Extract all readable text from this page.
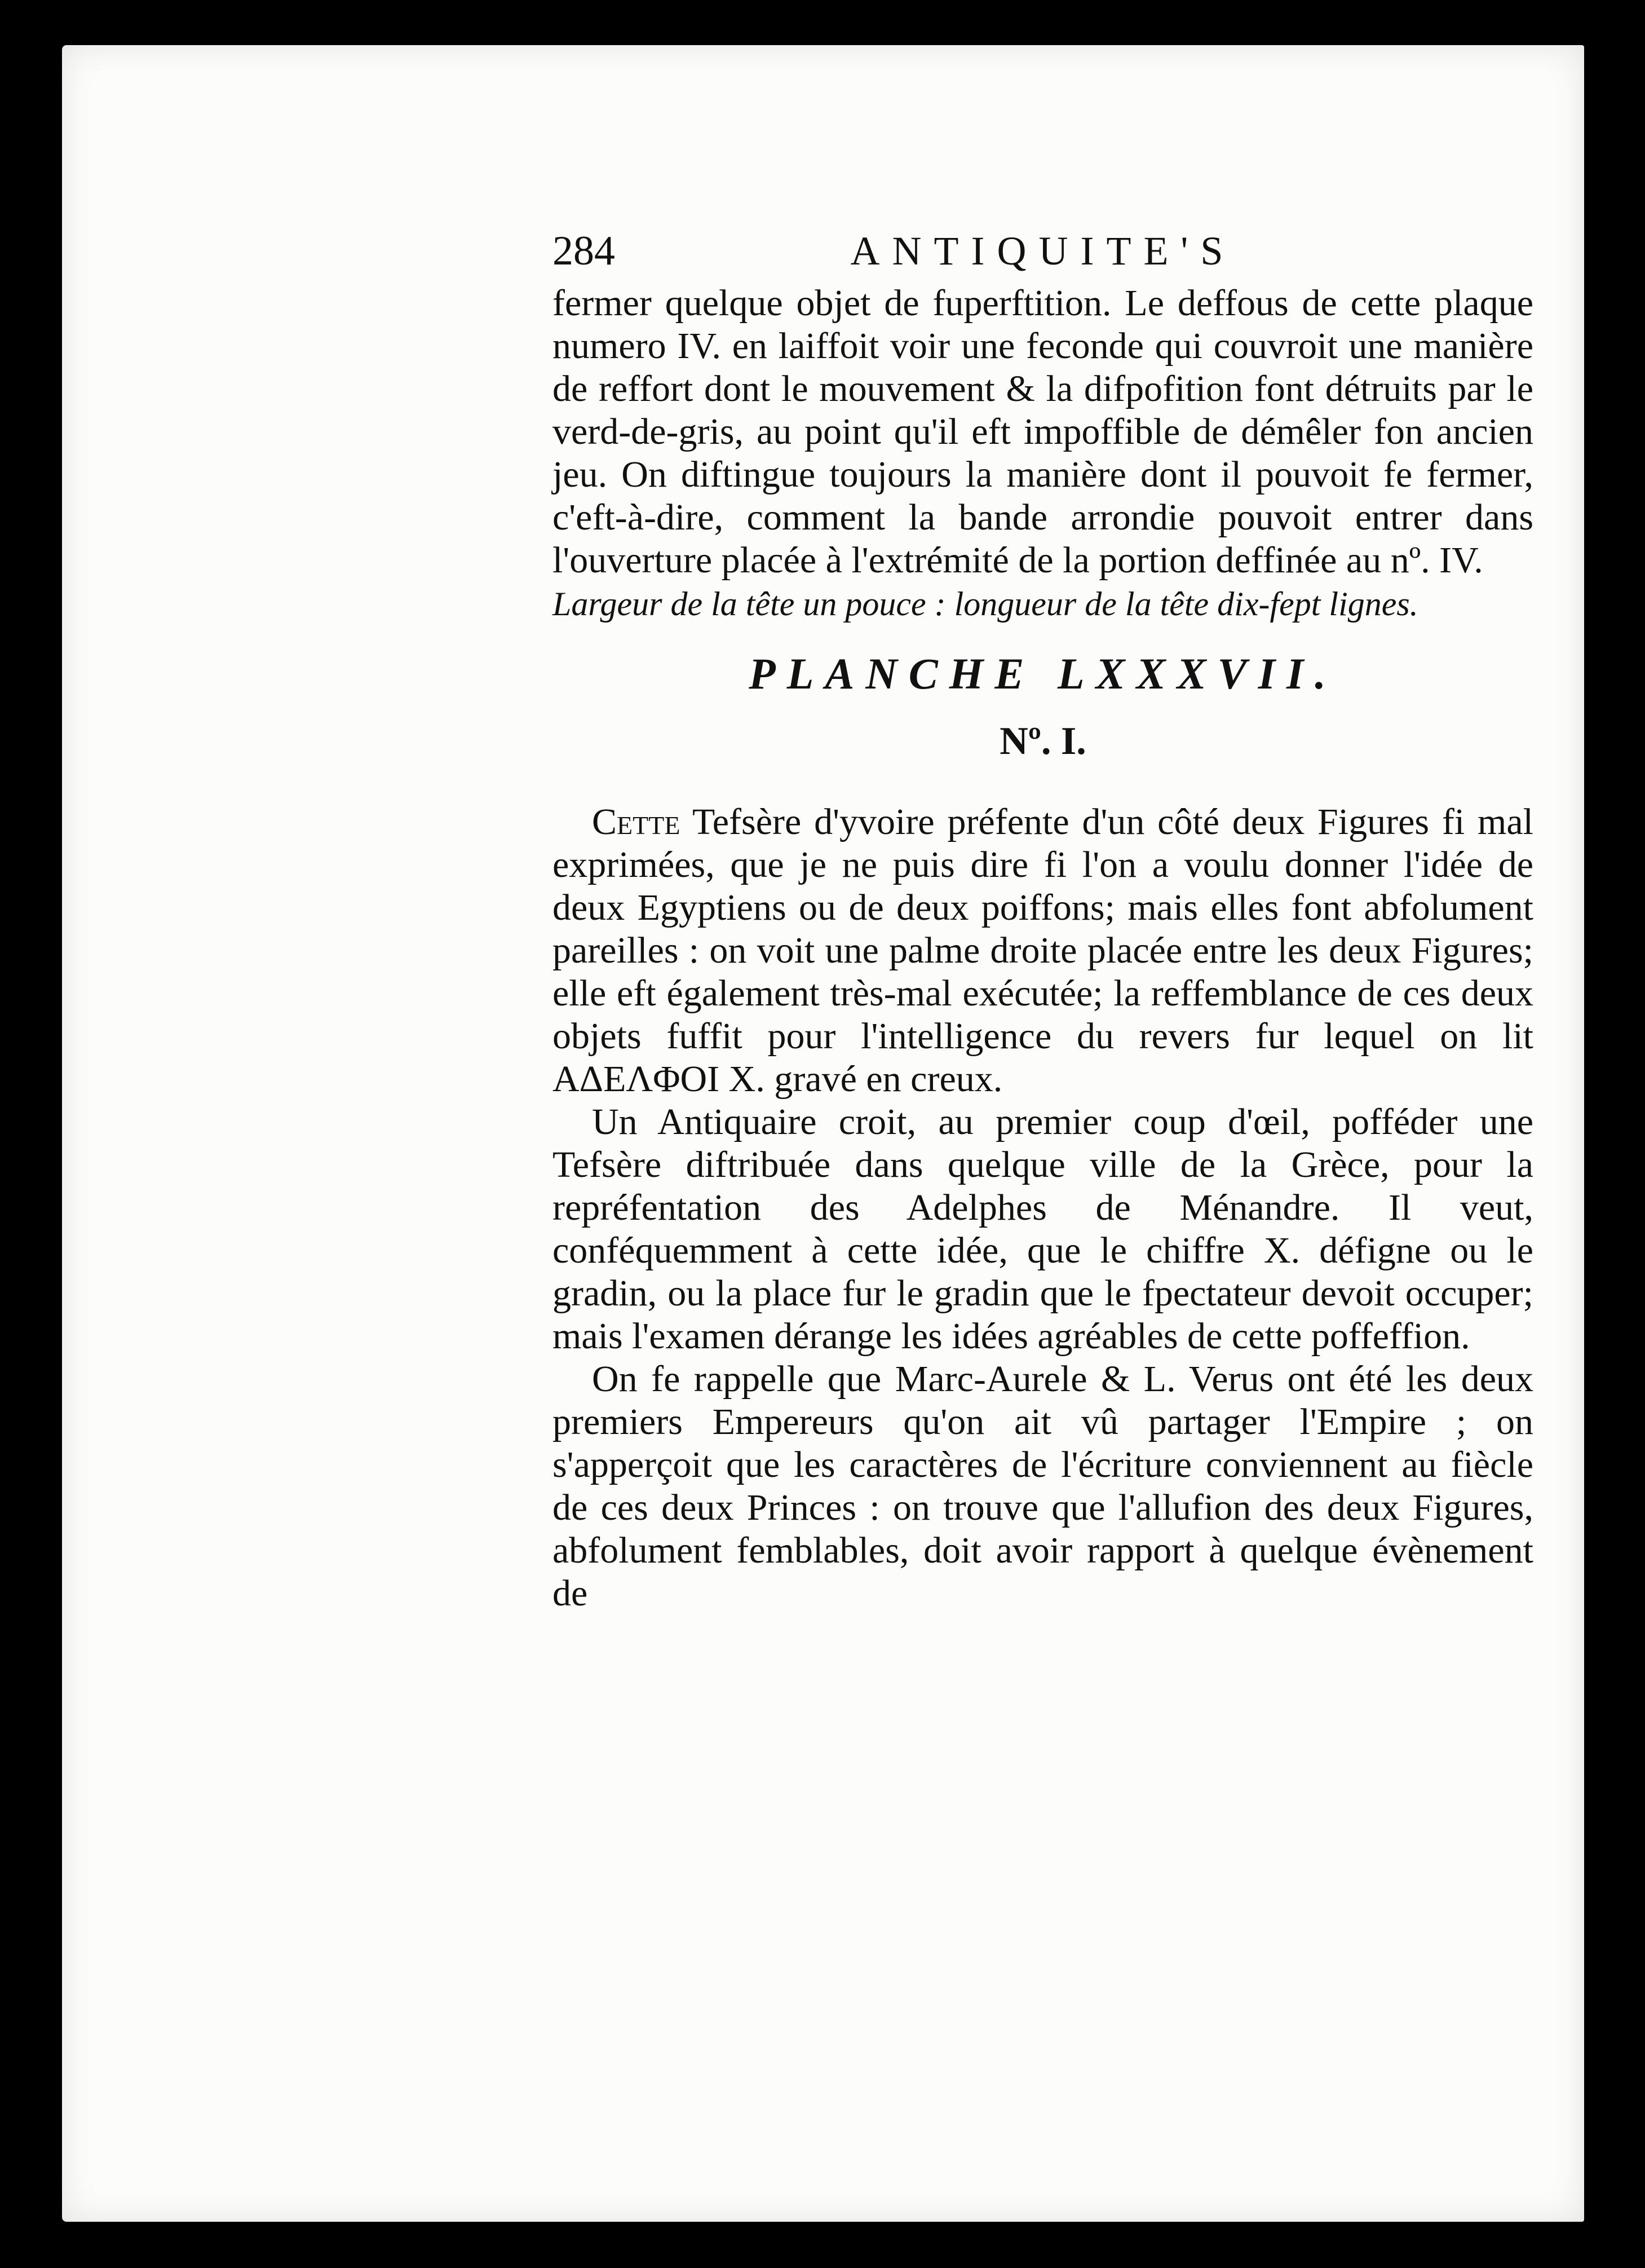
284	ANTIQUITE'S

fermer quelque objet de fuperftition. Le deffous de cette plaque numero IV. en laiffoit voir une feconde qui couvroit une manière de reffort dont le mouvement & la difpofition font détruits par le verd-de-gris, au point qu'il eft impoffible de démêler fon ancien jeu. On diftingue toujours la manière dont il pouvoit fe fermer, c'eft-à-dire, comment la bande arrondie pouvoit entrer dans l'ouverture placée à l'extrémité de la portion deffinée au nº. IV.

Largeur de la tête un pouce : longueur de la tête dix-fept lignes.

PLANCHE LXXXVII.
Nº. I.

Cette Tefsère d'yvoire préfente d'un côté deux Figures fi mal exprimées, que je ne puis dire fi l'on a voulu donner l'idée de deux Egyptiens ou de deux poiffons; mais elles font abfolument pareilles : on voit une palme droite placée entre les deux Figures; elle eft également très-mal exécutée; la reffemblance de ces deux objets fuffit pour l'intelligence du revers fur lequel on lit ΑΔΕΛΦΟΙ X. gravé en creux.

Un Antiquaire croit, au premier coup d'œil, pofféder une Tefsère diftribuée dans quelque ville de la Grèce, pour la repréfentation des Adelphes de Ménandre. Il veut, conféquemment à cette idée, que le chiffre X. défigne ou le gradin, ou la place fur le gradin que le fpectateur devoit occuper; mais l'examen dérange les idées agréables de cette poffeffion.

On fe rappelle que Marc-Aurele & L. Verus ont été les deux premiers Empereurs qu'on ait vû partager l'Empire ; on s'apperçoit que les caractères de l'écriture conviennent au fiècle de ces deux Princes : on trouve que l'allufion des deux Figures, abfolument femblables, doit avoir rapport à quelque évènement de
